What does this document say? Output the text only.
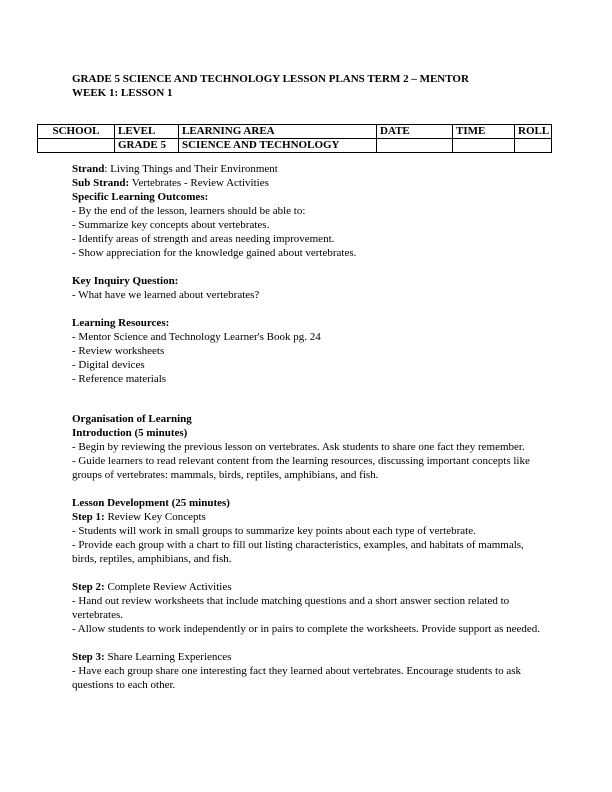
GRADE 5 SCIENCE AND TECHNOLOGY LESSON PLANS TERM 2 – MENTOR
WEEK 1: LESSON 1
SCHOOL	LEVEL	LEARNING AREA	DATE	TIME	ROLL
	GRADE 5	SCIENCE AND TECHNOLOGY			

Strand: Living Things and Their Environment

Sub Strand: Vertebrates - Review Activities

Specific Learning Outcomes:

- By the end of the lesson, learners should be able to:

- Summarize key concepts about vertebrates.

- Identify areas of strength and areas needing improvement.

- Show appreciation for the knowledge gained about vertebrates.

Key Inquiry Question:

- What have we learned about vertebrates?

Learning Resources:

- Mentor Science and Technology Learner's Book pg. 24

- Review worksheets

- Digital devices

- Reference materials

Organisation of Learning

Introduction (5 minutes)

- Begin by reviewing the previous lesson on vertebrates. Ask students to share one fact they remember.

- Guide learners to read relevant content from the learning resources, discussing important concepts like groups of vertebrates: mammals, birds, reptiles, amphibians, and fish.

Lesson Development (25 minutes)

Step 1: Review Key Concepts

- Students will work in small groups to summarize key points about each type of vertebrate.

- Provide each group with a chart to fill out listing characteristics, examples, and habitats of mammals, birds, reptiles, amphibians, and fish.

Step 2: Complete Review Activities

- Hand out review worksheets that include matching questions and a short answer section related to vertebrates.

- Allow students to work independently or in pairs to complete the worksheets. Provide support as needed.

Step 3: Share Learning Experiences

- Have each group share one interesting fact they learned about vertebrates. Encourage students to ask questions to each other.
